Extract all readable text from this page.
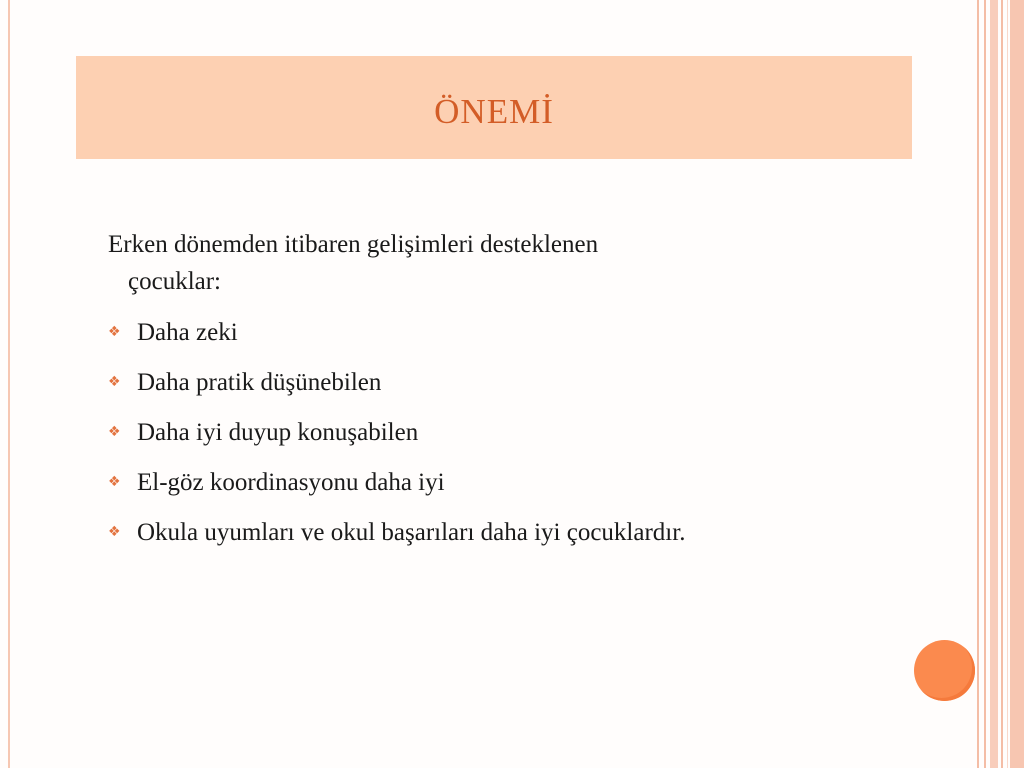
ÖNEMİ
Erken dönemden itibaren gelişimleri desteklenen
çocuklar:
❖ Daha zeki
❖ Daha pratik düşünebilen
❖ Daha iyi duyup konuşabilen
❖ El-göz koordinasyonu daha iyi
❖ Okula uyumları ve okul başarıları daha iyi çocuklardır.
